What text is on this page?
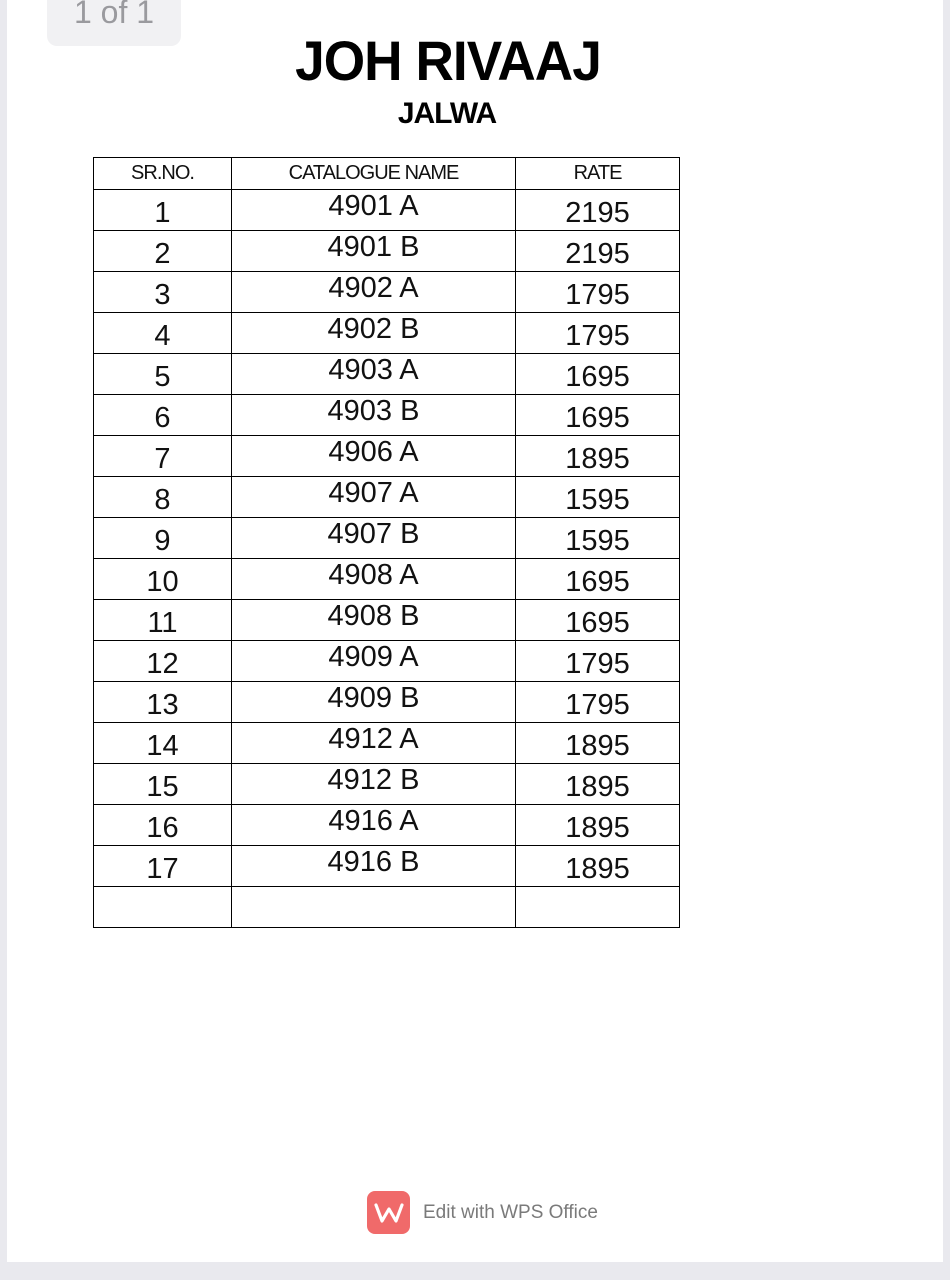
JOH RIVAAJ
JALWA
SR.NO.	CATALOGUE NAME	RATE
1	4901 A	2195
2	4901 B	2195
3	4902 A	1795
4	4902 B	1795
5	4903 A	1695
6	4903 B	1695
7	4906 A	1895
8	4907 A	1595
9	4907 B	1595
10	4908 A	1695
11	4908 B	1695
12	4909 A	1795
13	4909 B	1795
14	4912 A	1895
15	4912 B	1895
16	4916 A	1895
17	4916 B	1895

Edit with WPS Office
1 of 1
